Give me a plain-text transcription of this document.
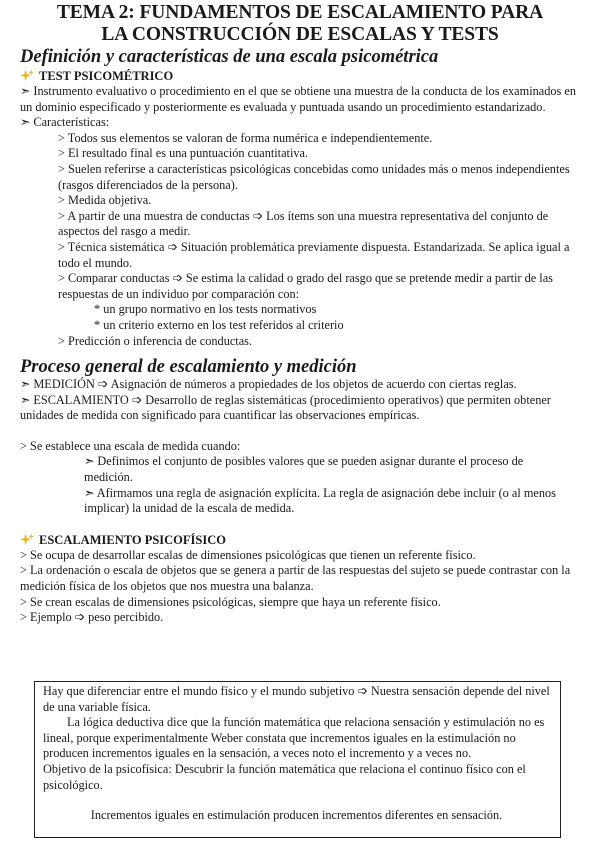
TEMA 2: FUNDAMENTOS DE ESCALAMIENTO PARA
LA CONSTRUCCIÓN DE ESCALAS Y TESTS
Definición y características de una escala psicométrica
TEST PSICOMÉTRICO
➣ Instrumento evaluativo o procedimiento en el que se obtiene una muestra de la conducta de los examinados en un dominio especificado y posteriormente es evaluada y puntuada usando un procedimiento estandarizado.
➣ Características:
> Todos sus elementos se valoran de forma numérica e independientemente.
> El resultado final es una puntuación cuantitativa.
> Suelen referirse a características psicológicas concebidas como unidades más o menos independientes (rasgos diferenciados de la persona).
> Medida objetiva.
> A partir de una muestra de conductas ➩ Los ítems son una muestra representativa del conjunto de aspectos del rasgo a medir.
> Técnica sistemática ➩ Situación problemática previamente dispuesta. Estandarizada. Se aplica igual a todo el mundo.
> Comparar conductas ➩ Se estima la calidad o grado del rasgo que se pretende medir a partir de las respuestas de un individuo por comparación con:
* un grupo normativo en los tests normativos
* un criterio externo en los test referidos al criterio
> Predicción o inferencia de conductas.
Proceso general de escalamiento y medición
➣ MEDICIÓN ➩ Asignación de números a propiedades de los objetos de acuerdo con ciertas reglas.
➣ ESCALAMIENTO ➩ Desarrollo de reglas sistemáticas (procedimiento operativos) que permiten obtener unidades de medida con significado para cuantificar las observaciones empíricas.
> Se establece una escala de medida cuando:
➣ Definimos el conjunto de posibles valores que se pueden asignar durante el proceso de medición.
➣ Afirmamos una regla de asignación explícita. La regla de asignación debe incluir (o al menos implicar) la unidad de la escala de medida.
ESCALAMIENTO PSICOFÍSICO
> Se ocupa de desarrollar escalas de dimensiones psicológicas que tienen un referente físico.
> La ordenación o escala de objetos que se genera a partir de las respuestas del sujeto se puede contrastar con la medición física de los objetos que nos muestra una balanza.
> Se crean escalas de dimensiones psicológicas, siempre que haya un referente físico.
> Ejemplo ➩ peso percibido.
Hay que diferenciar entre el mundo físico y el mundo subjetivo ➩ Nuestra sensación depende del nivel de una variable física.
La lógica deductiva dice que la función matemática que relaciona sensación y estimulación no es lineal, porque experimentalmente Weber constata que incrementos iguales en la estimulación no producen incrementos iguales en la sensación, a veces noto el incremento y a veces no.
Objetivo de la psicofísica: Descubrir la función matemática que relaciona el continuo físico con el psicológico.
Incrementos iguales en estimulación producen incrementos diferentes en sensación.
